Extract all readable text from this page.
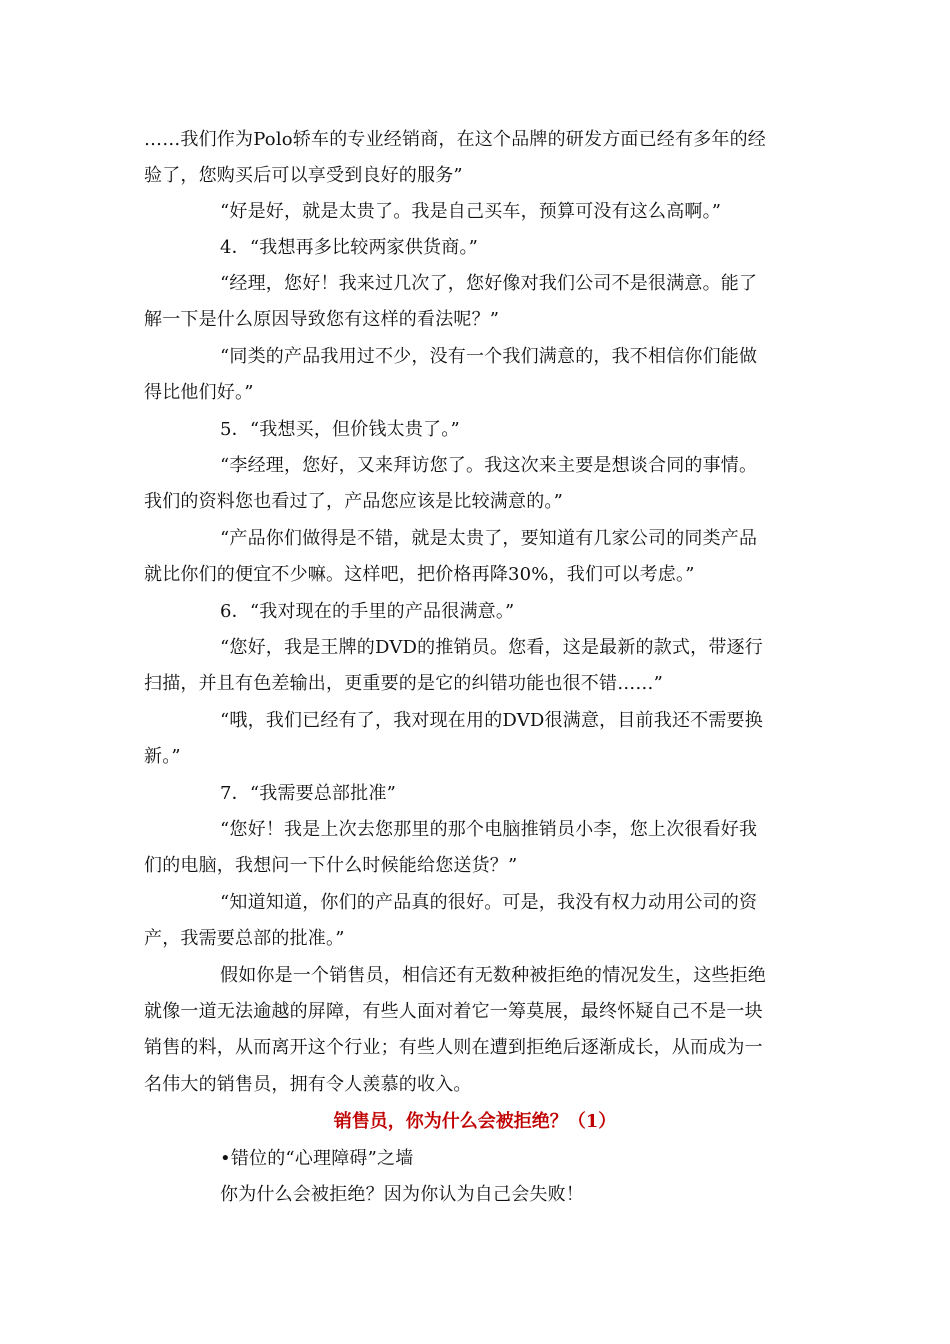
……我们作为Polo轿车的专业经销商，在这个品牌的研发方面已经有多年的经
验了，您购买后可以享受到良好的服务”
“好是好，就是太贵了。我是自己买车，预算可没有这么高啊。”
4．“我想再多比较两家供货商。”
“经理，您好！我来过几次了，您好像对我们公司不是很满意。能了
解一下是什么原因导致您有这样的看法呢？”
“同类的产品我用过不少，没有一个我们满意的，我不相信你们能做
得比他们好。”
5．“我想买，但价钱太贵了。”
“李经理，您好，又来拜访您了。我这次来主要是想谈合同的事情。
我们的资料您也看过了，产品您应该是比较满意的。”
“产品你们做得是不错，就是太贵了，要知道有几家公司的同类产品
就比你们的便宜不少嘛。这样吧，把价格再降30%，我们可以考虑。”
6．“我对现在的手里的产品很满意。”
“您好，我是王牌的DVD的推销员。您看，这是最新的款式，带逐行
扫描，并且有色差输出，更重要的是它的纠错功能也很不错……”
“哦，我们已经有了，我对现在用的DVD很满意，目前我还不需要换
新。”
7．“我需要总部批准”
“您好！我是上次去您那里的那个电脑推销员小李，您上次很看好我
们的电脑，我想问一下什么时候能给您送货？”
“知道知道，你们的产品真的很好。可是，我没有权力动用公司的资
产，我需要总部的批准。”
假如你是一个销售员，相信还有无数种被拒绝的情况发生，这些拒绝
就像一道无法逾越的屏障，有些人面对着它一筹莫展，最终怀疑自己不是一块
销售的料，从而离开这个行业；有些人则在遭到拒绝后逐渐成长，从而成为一
名伟大的销售员，拥有令人羡慕的收入。
销售员，你为什么会被拒绝？（1）
•错位的“心理障碍”之墙
你为什么会被拒绝？因为你认为自己会失败！
